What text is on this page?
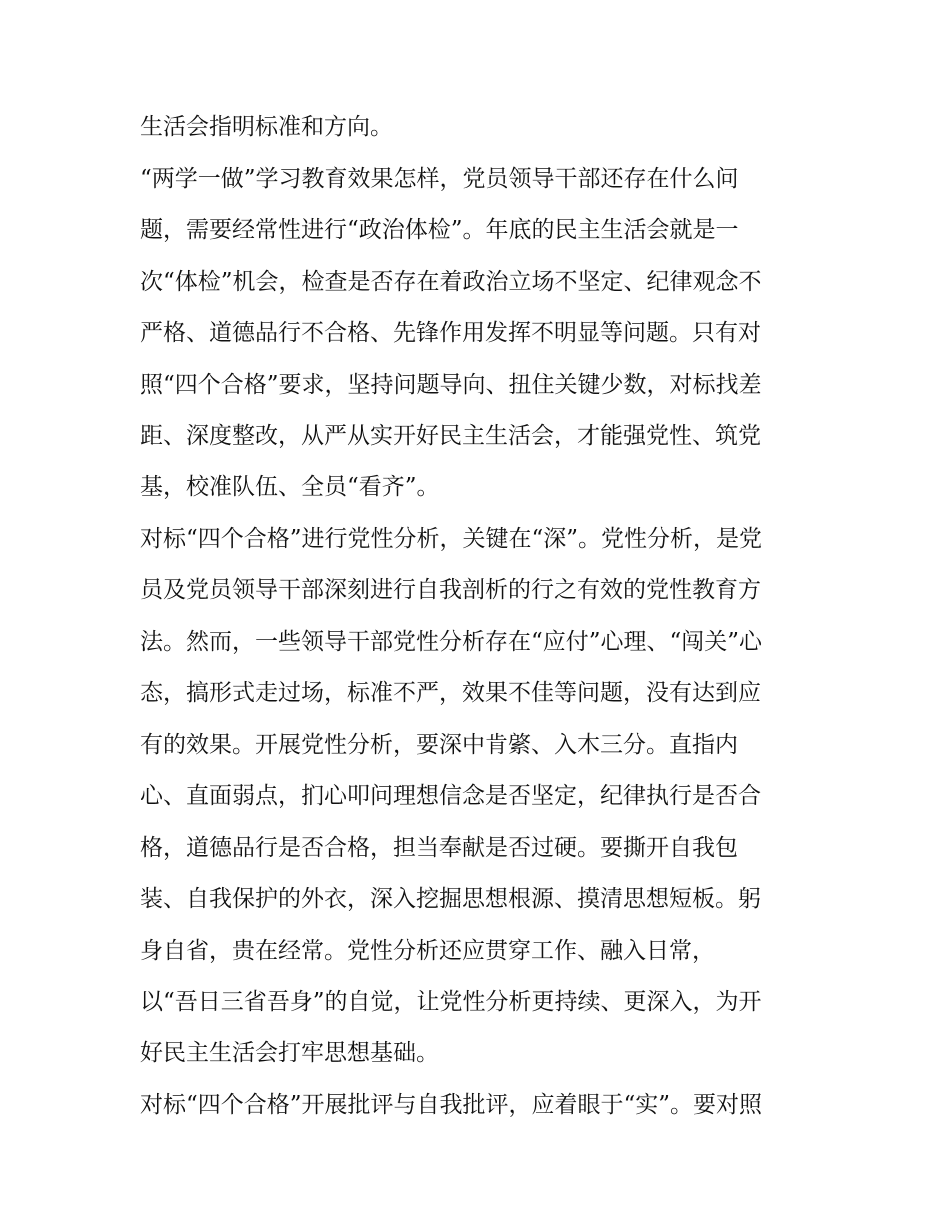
生活会指明标准和方向。
“两学一做”学习教育效果怎样，党员领导干部还存在什么问
题，需要经常性进行“政治体检”。年底的民主生活会就是一
次“体检”机会，检查是否存在着政治立场不坚定、纪律观念不
严格、道德品行不合格、先锋作用发挥不明显等问题。只有对
照“四个合格”要求，坚持问题导向、扭住关键少数，对标找差
距、深度整改，从严从实开好民主生活会，才能强党性、筑党
基，校准队伍、全员“看齐”。
对标“四个合格”进行党性分析，关键在“深”。党性分析，是党
员及党员领导干部深刻进行自我剖析的行之有效的党性教育方
法。然而，一些领导干部党性分析存在“应付”心理、“闯关”心
态，搞形式走过场，标准不严，效果不佳等问题，没有达到应
有的效果。开展党性分析，要深中肯綮、入木三分。直指内
心、直面弱点，扪心叩问理想信念是否坚定，纪律执行是否合
格，道德品行是否合格，担当奉献是否过硬。要撕开自我包
装、自我保护的外衣，深入挖掘思想根源、摸清思想短板。躬
身自省，贵在经常。党性分析还应贯穿工作、融入日常，
以“吾日三省吾身”的自觉，让党性分析更持续、更深入，为开
好民主生活会打牢思想基础。
对标“四个合格”开展批评与自我批评，应着眼于“实”。要对照
